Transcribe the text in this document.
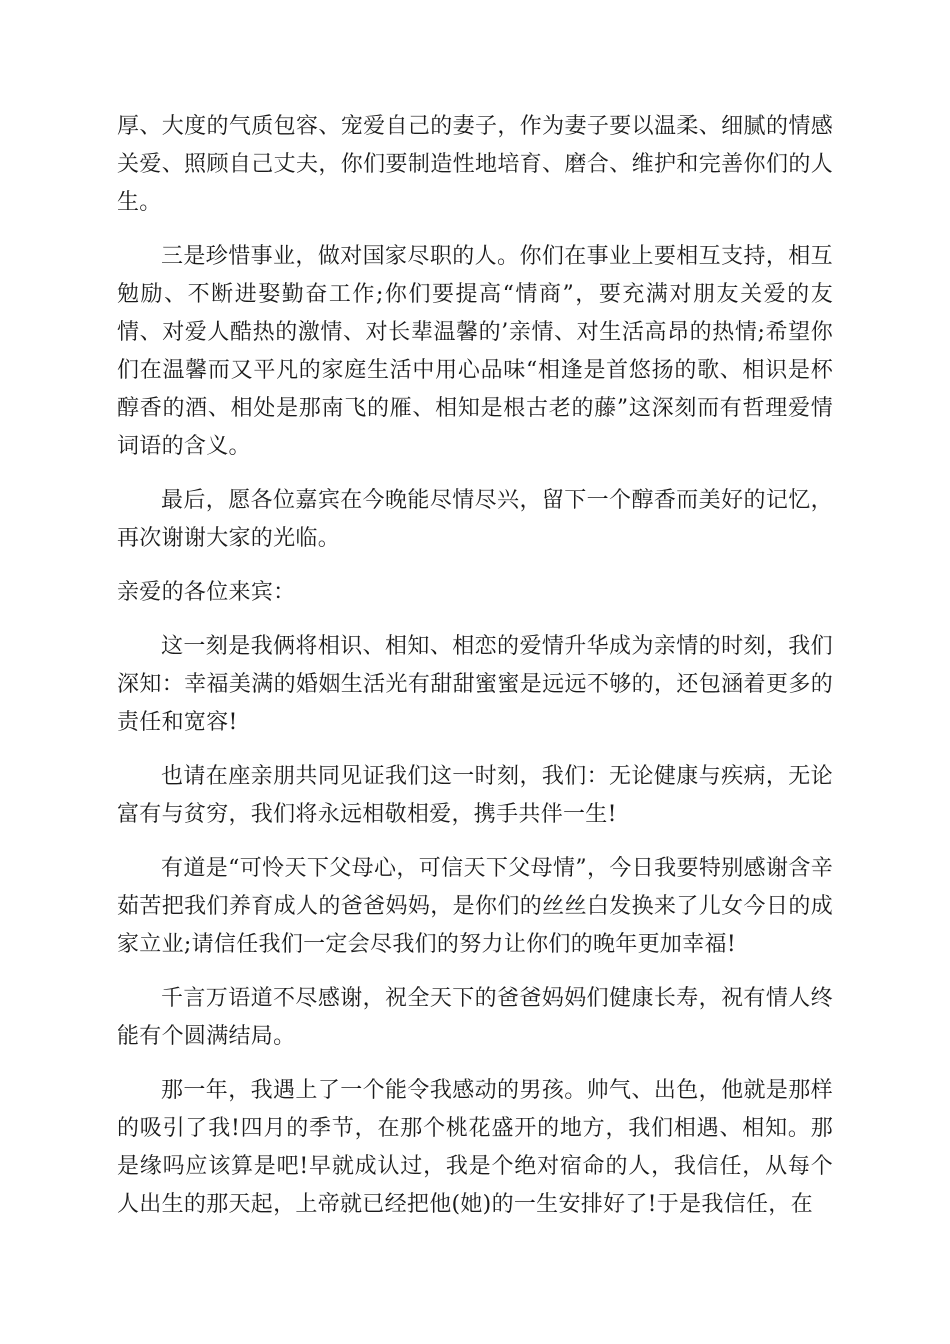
厚、大度的气质包容、宠爱自己的妻子，作为妻子要以温柔、细腻的情感关爱、照顾自己丈夫，你们要制造性地培育、磨合、维护和完善你们的人生。

三是珍惜事业，做对国家尽职的人。你们在事业上要相互支持，相互勉励、不断进娶勤奋工作;你们要提高“情商”，要充满对朋友关爱的友情、对爱人酷热的激情、对长辈温馨的’亲情、对生活高昂的热情;希望你们在温馨而又平凡的家庭生活中用心品味“相逢是首悠扬的歌、相识是杯醇香的酒、相处是那南飞的雁、相知是根古老的藤”这深刻而有哲理爱情词语的含义。

最后，愿各位嘉宾在今晚能尽情尽兴，留下一个醇香而美好的记忆，再次谢谢大家的光临。

亲爱的各位来宾：

这一刻是我俩将相识、相知、相恋的爱情升华成为亲情的时刻，我们深知：幸福美满的婚姻生活光有甜甜蜜蜜是远远不够的，还包涵着更多的责任和宽容!

也请在座亲朋共同见证我们这一时刻，我们：无论健康与疾病，无论富有与贫穷，我们将永远相敬相爱，携手共伴一生!

有道是“可怜天下父母心，可信天下父母情”，今日我要特别感谢含辛茹苦把我们养育成人的爸爸妈妈，是你们的丝丝白发换来了儿女今日的成家立业;请信任我们一定会尽我们的努力让你们的晚年更加幸福!

千言万语道不尽感谢，祝全天下的爸爸妈妈们健康长寿，祝有情人终能有个圆满结局。

那一年，我遇上了一个能令我感动的男孩。帅气、出色，他就是那样的吸引了我!四月的季节，在那个桃花盛开的地方，我们相遇、相知。那是缘吗应该算是吧!早就成认过，我是个绝对宿命的人，我信任，从每个人出生的那天起，上帝就已经把他(她)的一生安排好了!于是我信任，在
